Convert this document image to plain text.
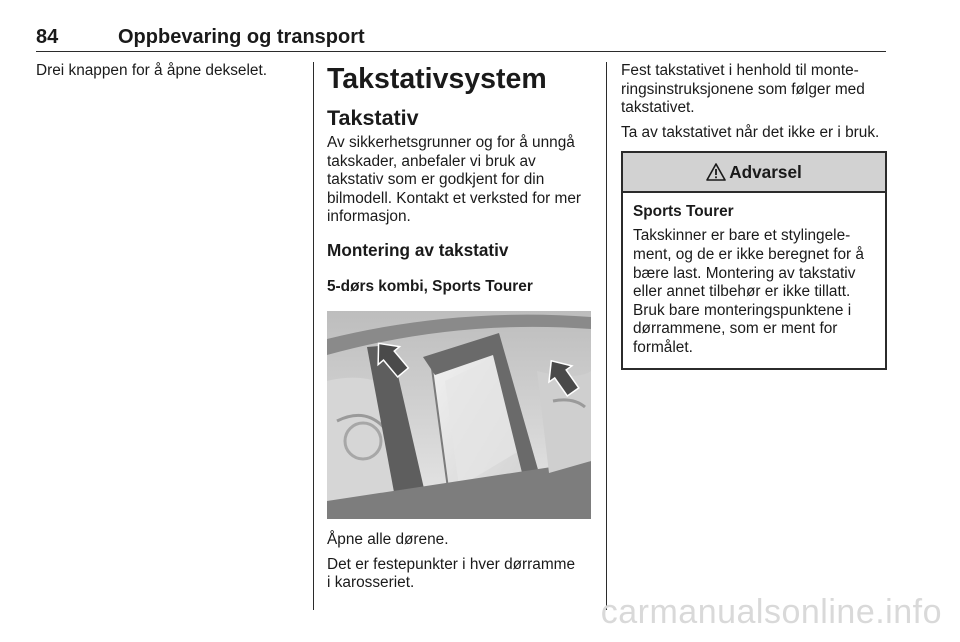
84	Oppbevaring og transport

Drei knappen for å åpne dekselet.	Takstativsystem
Takstativ

Av sikkerhetsgrunner og for å unngå
takskader, anbefaler vi bruk av
takstativ som er godkjent for din
bilmodell. Kontakt et verksted for mer
informasjon.

Montering av takstativ
5-dørs kombi, Sports Tourer

Åpne alle dørene.

Det er festepunkter i hver dørramme
i karosseriet.

Fest takstativet i henhold til monte-
ringsinstruksjonene som følger med
takstativet.

Ta av takstativet når det ikke er i bruk.

Advarsel
Sports Tourer

Takskinner er bare et stylingele-
ment, og de er ikke beregnet for å
bære last. Montering av takstativ
eller annet tilbehør er ikke tillatt.
Bruk bare monteringspunktene i
dørrammene, som er ment for
formålet.

carmanualsonline.info
